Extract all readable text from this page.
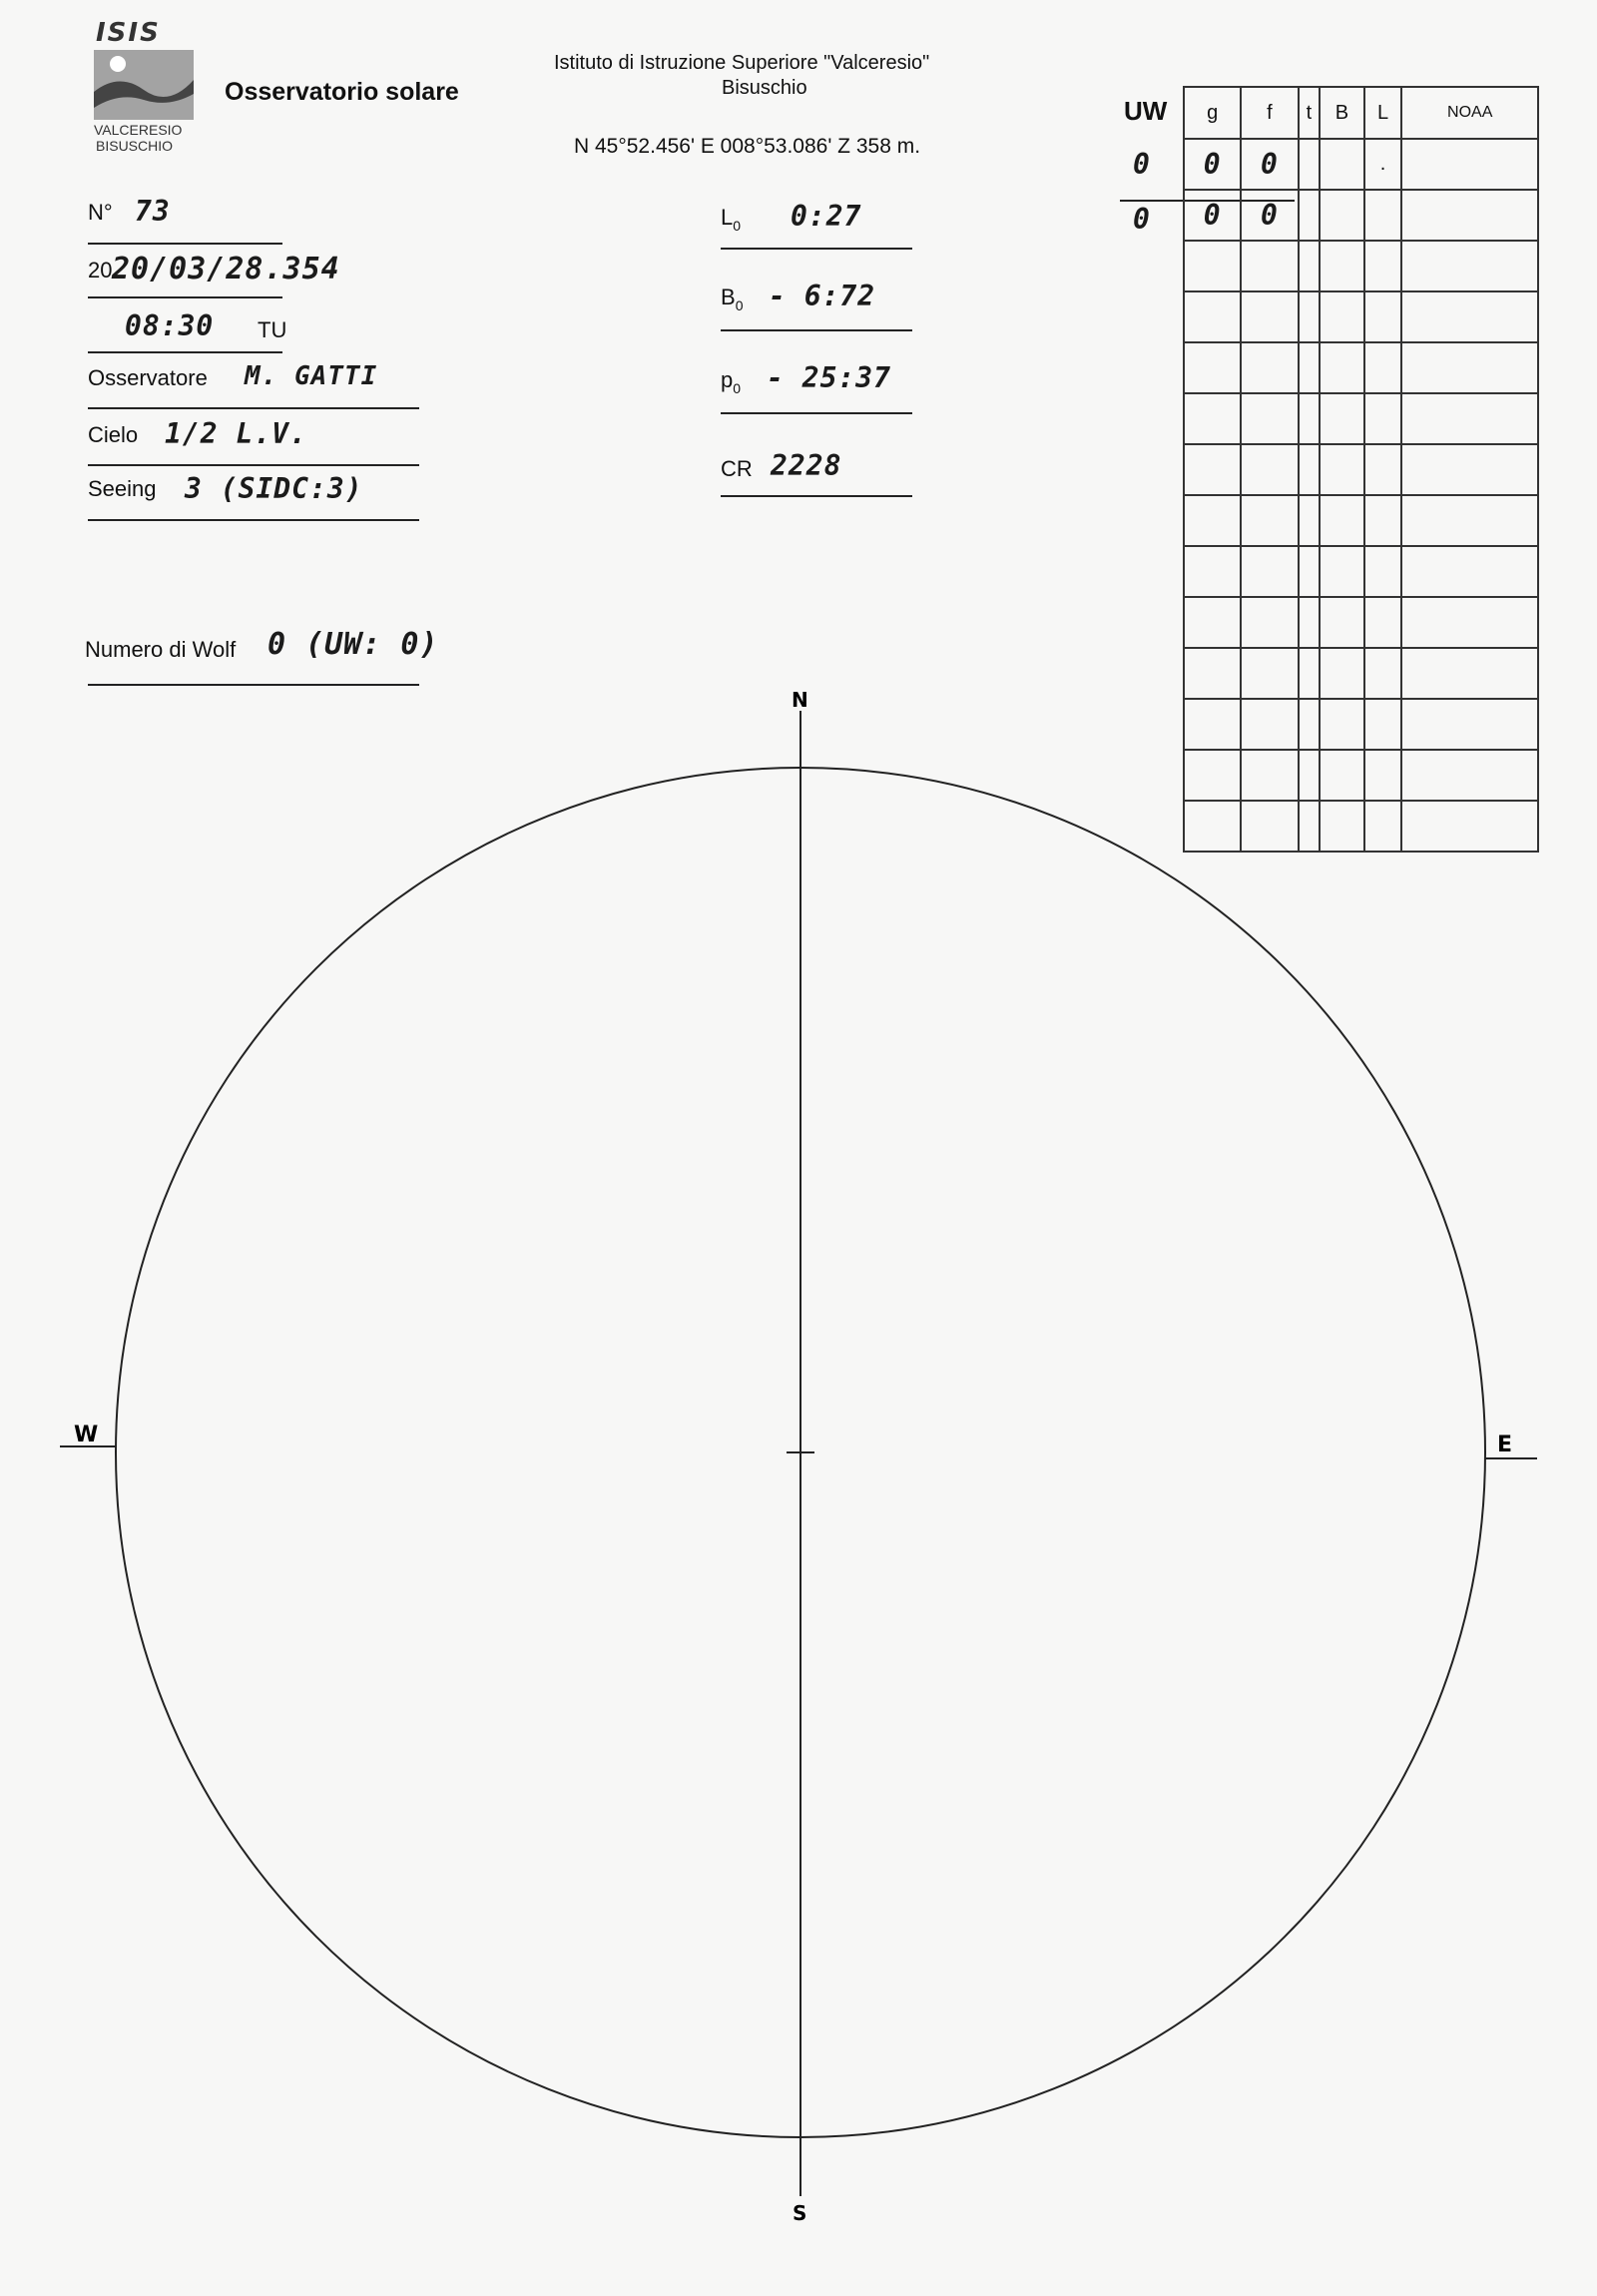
ISIS
VALCERESIO
BISUSCHIO
Osservatorio solare
Istituto di Istruzione Superiore "Valceresio"
Bisuschio
N 45°52.456' E 008°53.086' Z 358 m.
N° 73
20 20/03/28.354
08:30 TU
Osservatore M. GATTI
Cielo 1/2 L.V.
Seeing 3 (SIDC:3)
Numero di Wolf 0 (UW: 0)
$L_0$ 0:27
$B_0$ - 6:72
$p_0$ - 25:37
CR 2228
UW
0
0
g	f	t	B	L	NOAA
0	0			.	
0	0				

N
S
W	E
